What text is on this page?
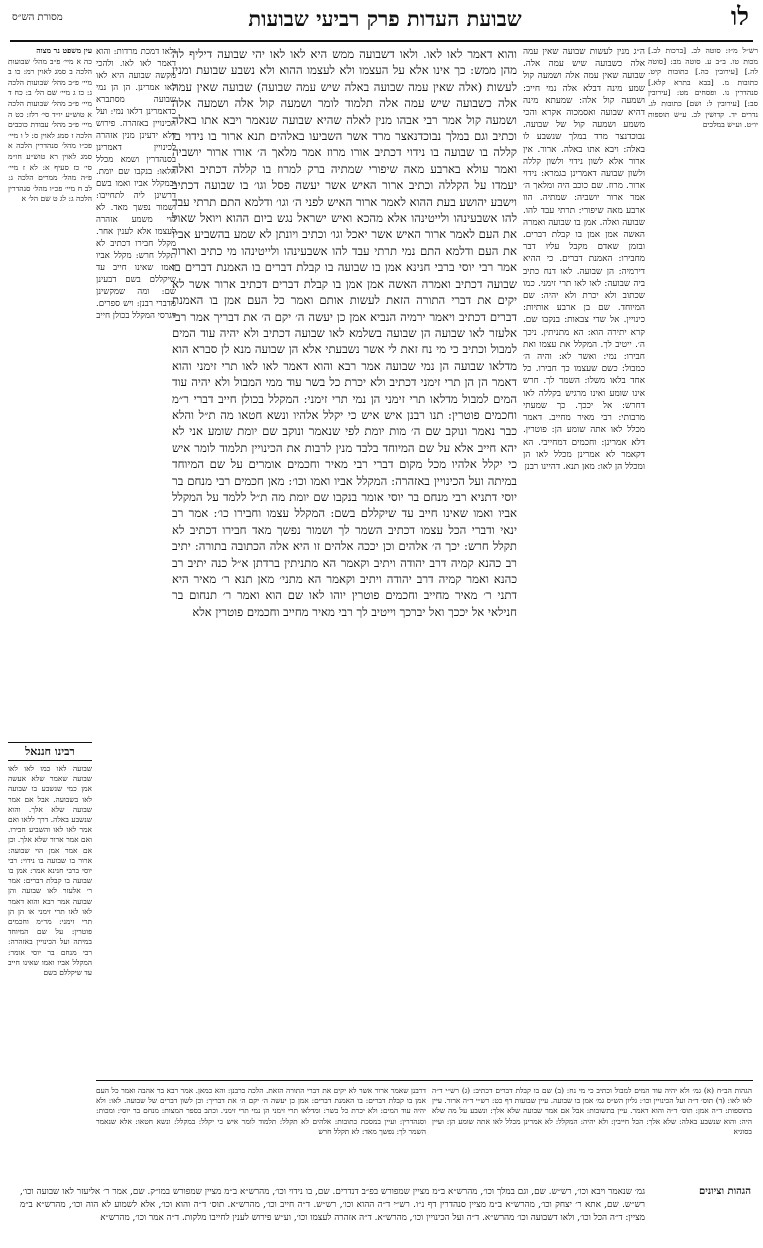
לו
שבועת העדות פרק רביעי שבועות
מסורת הש״ס

רש״ל מ״ז: סוטה לב. [ברכות לב.] מכות טו. ב״ב ע. סוטה מב: [סוטה לה.] [עירובין כה.] כתובות קיט. כתובות מ. [בבא בתרא קלא.] סנהדרין נו. ופסחים מט: [עירובין סב:] [עירובין ל: ושם] כתובות לג. נדרים יד. קדושין לב. ע״ש תוספות יו״ט. וע״ש במלכים

ה״ג מנין לעשות שבועה שאין עמה אלה כשבועה שיש עמה אלה. שבועה שאין עמה אלה ושמעה קול שמע מינה דבלא אלה נמי חייב: ושמעה קול אלה: שמעתא מינה דהיא שבועה ואסמכוה אקרא והכי משמע ושמעה קול של שבועה. נבוכדנצר מרד במלך שנשבע לו באלה: ויבא אתו באלה. ארור. אין ארור אלא לשון נידוי ולשון קללה ולשון שבועה דאמרינן בגמרא: נידוי ארור. מרוז. שם כוכב היה ומלאך ה׳ אמר ארור יושביה: שמתיה. הוו ארבע מאה שיפורי: תרתי עבד להו. שבועה ואלה. אמן בו שבועה ואמרה האשה אמן אמן בו קבלת דברים. ובזמן שאדם מקבל עליו דבר מחבירו: האמנת דברים. כי ההיא דירמיה: הן שבועה. לאו דנח כתיב ביה שבועה: לאו לאו תרי זימני. כמו שכתוב ולא יכרת ולא יהיה: שם המיוחד. שם בן ארבע אותיות: כינויין. אל שדי צבאות: בנקבו שם. קרא יתירה הוא: הא מתניתין. ניכך ה׳. ייטיב לך. המקלל את עצמו ואת חבירו: נמי: ואשר לא: והיה ה׳ כמבול: כשם שעצמו כך חבירו. כל אחד בלאו משלו: השמר לך. חרש אינו שומע ואינו מרגיש בקללה לאו דחרש: אל יככך. כך שמעתי מרבותי: רבי מאיר מחייב. דאמר מכלל לאו אתה שומע הן: פוטרין. דלא אמרינן: וחכמים דמחייבי. הא דקאמר לא אמרינן מכלל לאו הן ומכלל הן לאו: מאן תנא. דהיינו רבנן

והוא דאמר לאו לאו. ולאו דשבועה ממש היא לאו לאו יהי שבועה דיליף לה מהן ממש: כך אינו אלא על העצמו ולא לעצמו ההוא ולא נשבע שבועת ומנין לעשות (אלה שאין עמה שבועה באלה שיש עמה שבועה) שבועה שאין עמה אלה כשבועה שיש עמה אלה תלמוד לומר ושמעה קול אלה ושמעה אלה ושמעה קול אמר רבי אבהו מנין לאלה שהיא שבועה שנאמר ויבא אתו באלה וכתיב וגם במלך נבוכדנאצר מרד אשר השביעו באלהים תנא ארור בו נידוי בו קללה בו שבועה בו נידוי דכתיב אורו מרוז אמר מלאך ה׳ אורו ארור יושביה ואמר עולא בארבע מאה שיפורי שמתיה ברק למרוז בו קללה דכתיב ואלה יעמדו על הקללה וכתיב ארור האיש אשר יעשה פסל וגו׳ בו שבועה דכתיב וישבע יהושע בעת ההוא לאמר ארור האיש לפני ה׳ וגו׳ ודלמא התם תרתי עבד להו אשבעינהו ולייטינהו אלא מהכא ואיש ישראל נגש ביום ההוא ויואל שאול את העם לאמר ארור האיש אשר יאכל וגו׳ וכתיב ויונתן לא שמע בהשביע אביו את העם ודלמא התם נמי תרתי עבד להו אשבעינהו ולייטינהו מי כתיב וארור אמר רבי יוסי ברבי חנינא אמן בו שבועה בו קבלת דברים בו האמנת דברים בו שבועה דכתיב ואמרה האשה אמן אמן בו קבלת דברים דכתיב ארור אשר לא יקים את דברי התורה הזאת לעשות אותם ואמר כל העם אמן בו האמנת דברים דכתיב ויאמר ירמיה הנביא אמן כן יעשה ה׳ יקם ה׳ את דבריך אמר רבי אלעזר לאו שבועה הן שבועה בשלמא לאו שבועה דכתיב ולא יהיה עוד המים למבול וכתיב כי מי נח זאת לי אשר נשבעתי אלא הן שבועה מנא לן סברא הוא מדלאו שבועה הן נמי שבועה אמר רבא והוא דאמר לאו לאו תרי זימני והוא דאמר הן הן תרי זימני דכתיב ולא יכרת כל בשר עוד ממי המבול ולא יהיה עוד המים למבול מדלאו תרי זימני הן נמי תרי זימני: המקלל בכולן חייב דברי ר״מ וחכמים פוטרין: תנו רבנן איש איש כי יקלל אלהיו ונשא חטאו מה ת״ל והלא כבר נאמר ונוקב שם ה׳ מות יומת לפי שנאמר ונוקב שם יומת שומע אני לא יהא חייב אלא על שם המיוחד בלבד מנין לרבות את הכינויין תלמוד לומר איש כי יקלל אלהיו מכל מקום דברי רבי מאיר וחכמים אומרים על שם המיוחד במיתה ועל הכינויין באזהרה: המקלל אביו ואמו וכו׳: מאן חכמים רבי מנחם בר יוסי דתניא רבי מנחם בר יוסי אומר בנקבו שם יומת מה ת״ל ללמד על המקלל אביו ואמו שאינו חייב עד שיקללם בשם: המקלל עצמו וחבירו כו׳: אמר רב ינאי ודברי הכל עצמו דכתיב השמר לך ושמור נפשך מאד חבירו דכתיב לא תקלל חרש: יכך ה׳ אלהים וכן יככה אלהים זו היא אלה הכתובה בתורה: יתיב רב כהנא קמיה דרב יהודה ויתיב וקאמר הא מתניתין ברדתן א״ל כנה יתיב רב כהנא ואמר קמיה דרב יהודה ויתיב וקאמר הא מתני׳ מאן תנא ר׳ מאיר היא דתני ר׳ מאיר מחייב וחכמים פוטרין יוהו לאו שם הוא ואמר ר׳ תנחום בר חנילאי אל יככך ואל יברכך וייטיב לך רבי מאיר מחייב וחכמים פוטרין אלא

ולאו דמכת מרדות: והוא דאמר לאו לאו. ולהכי מקשה שבועה היא לאו לאו אמרינן. הן הן נמי שבועה מסתברא כדאמרינן דלאו נמי: ועל הכינויין באזהרה. פירוש דלא ידעינן מנין אזהרה לכינויין דאמרינן בסנהדרין ושמא מכלל הלאו: בנקבו שם יומת. ובמקלל אביו ואמו בשם דרשינן ליה לתחייבו: ושמור נפשך מאד. לא הוי משמע אזהרה לעצמו אלא לענין אחר. מקלל חבירו דכתיב לא תקלל חרש: מקלל אביו ואמו שאינו חייב עד שיקללם בשם דבעינן שם: ומה שמקשינן מדברי רבנן: ויש ספרים. דגרסי המקלל בכולן חייב

עין משפט נר מצוה

כה א מיי׳ פ״ב מהל׳ שבועות הלכה ב סמג לאוין רמ: כו ב מיי׳ פ״ב מהל׳ שבועות הלכה ג: כז ג מיי׳ שם הל׳ ב: כח ד מיי׳ פ״ב מהל׳ שבועות הלכה א טוש״ע יו״ד סי׳ רלז: כט ה מיי׳ פ״ב מהל׳ עבודת כוכבים הלכה ז סמג לאוין ס: ל ו מיי׳ פכ״ו מהל׳ סנהדרין הלכה א סמג לאוין רא טוש״ע חו״מ סי׳ כז סעיף א: לא ז מיי׳ פ״ה מהל׳ ממרים הלכה ג: לב ח מיי׳ פכ״ו מהל׳ סנהדרין הלכה ג: לג ט שם הל׳ א

רבינו חננאל

שבועה לאו כמו לאו לאו שבועה שאמר שלא אעשה אמן כמי שנשבע בו שבועה לאו בשבועה. אבל אם אמר שבועה שלא אלך. והוא שנשבע באלה. דרך ללאו ואם אמר לאו לאו והשביע חבירו. ואם אמר ארור שלא אלך. וכן אם אמר אמן הוי שבועה: ארור בו שבועה בו נידוי: רבי יוסי ברבי חנינא אמר: אמן בו שבועה בו קבלת דברים: אמר ר׳ אלעזר לאו שבועה והן שבועה אמר רבא והוא דאמר לאו לאו תרי זימני או הן הן תרי זימני: מר״מ וחכמים פוטרין: על שם המיוחד במיתה ועל הכינויין באזהרה: רבי מנחם בר יוסי אומר: המקלל אביו ואמו שאינו חייב עד שיקללם בשם

דרבנן שאמר ארור אשר לא יקים את דברי התורה הזאת. הלכה כרבנן: והא כמאן. אמר רבא בר אהבה ואמר כל העם אמן בו קבלת דברים: בו האמנת דברים: אמן כן יעשה ה׳ יקם ה׳ את דבריך: וכן לשון דברים של שבועה. לאו: ולא יהיה עוד המים: ולא יכרת כל בשר: ומדלאו תרי זימני הן נמי תרי זימני. וכתב בספר המצות: מנחם בר יוסי: ומכות: וסנהדרין: ועיין במסכת כתובות: אלהים לא תקלל: תלמוד לומר איש כי יקלל: במקלל: ונשא חטאו: אלא שנאמר השמר לך: נפשך מאד: לא תקלל חרש

הגהות הב״ח (א) גמ׳ ולא יהיה עוד המים למבול וכתיב כי מי נח: (ב) שם בו קבלת דברים דכתיב: (ג) רש״י ד״ה לאו לאו: (ד) תוס׳ ד״ה ועל הכינויין וכו׳: גליון הש״ס גמ׳ אמן בו שבועה. עיין שבועות דף כט: רש״י ד״ה ארור. עיין בתוספות: ד״ה אמן: תוס׳ ד״ה והוא דאמר. עיין בתשובות: אבל אם אמר שבועה שלא אלך: ונשבע על מה שלא היה: והוא שנשבע באלה: שלא אלך: הכל חייבין: ולא יהיה: המקלל: לא אמרינן מכלל לאו אתה שומע הן: ועיין בסוגיא

הגהות וציונים

גמ׳ שנאמר ויבא וכו׳, רש״ש. שם, וגם במלך וכו׳, מהרש״א ב״מ מציין שמפורש בפ״ב דנדרים. שם, בו נידוי וכו׳, מהרש״א ב״מ מציין שמפורש במו״ק. שם, אמר ר׳ אליעזר לאו שבועה וכו׳, רש״ש. שם, אתא ר׳ יצחק וכו׳, מהרש״א ב״מ מציין סנהדרין דף נ״ו. רש״י ד״ה ההוא וכו׳, רש״ש. ד״ה חייב וכו׳, מהרש״א. תוס׳ ד״ה והוא וכו׳, אלא לשמוע לא הוה וכו׳, מהרש״א ב״מ מציין: ד״ה הכל וכו׳, ולאו דשבועה וכו׳ מהרש״א. ד״ה ועל הכינויין וכו׳, מהרש״א. ד״ה אזהרה לעצמו וכו׳, וע״ש פירוש לענין לחייבו מלקות. ד״ה אמר וכו׳, מהרש״א
